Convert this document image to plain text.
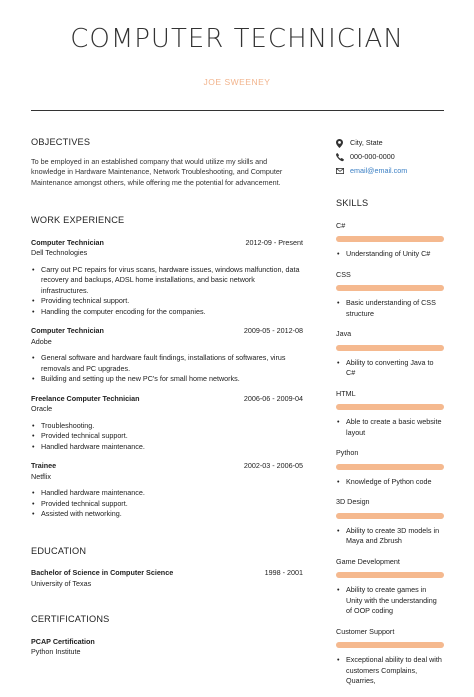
COMPUTER TECHNICIAN
JOE SWEENEY
OBJECTIVES
To be employed in an established company that would utilize my skills and knowledge in Hardware Maintenance, Network Troubleshooting, and Computer Maintenance amongst others, while offering me the potential for advancement.
WORK EXPERIENCE
Computer Technician	2012-09 - Present
Dell Technologies
• Carry out PC repairs for virus scans, hardware issues, windows malfunction, data recovery and backups, ADSL home installations, and basic network infrastructures.
• Providing technical support.
• Handling the computer encoding for the companies.
Computer Technician	2009-05 - 2012-08
Adobe
• General software and hardware fault findings, installations of softwares, virus removals and PC upgrades.
• Building and setting up the new PC's for small home networks.
Freelance Computer Technician	2006-06 - 2009-04
Oracle
• Troubleshooting.
• Provided technical support.
• Handled hardware maintenance.
Trainee	2002-03 - 2006-05
Netflix
• Handled hardware maintenance.
• Provided technical support.
• Assisted with networking.
EDUCATION
Bachelor of Science in Computer Science	1998 - 2001
University of Texas
CERTIFICATIONS
PCAP Certification
Python Institute
City, State
000-000-0000
email@email.com
SKILLS
C#
• Understanding of Unity C#
CSS
• Basic understanding of CSS structure
Java
• Ability to converting Java to C#
HTML
• Able to create a basic website layout
Python
• Knowledge of Python code
3D Design
• Ability to create 3D models in Maya and Zbrush
Game Development
• Ability to create games in Unity with the understanding of OOP coding
Customer Support
• Exceptional ability to deal with customers Complains, Quarries,
